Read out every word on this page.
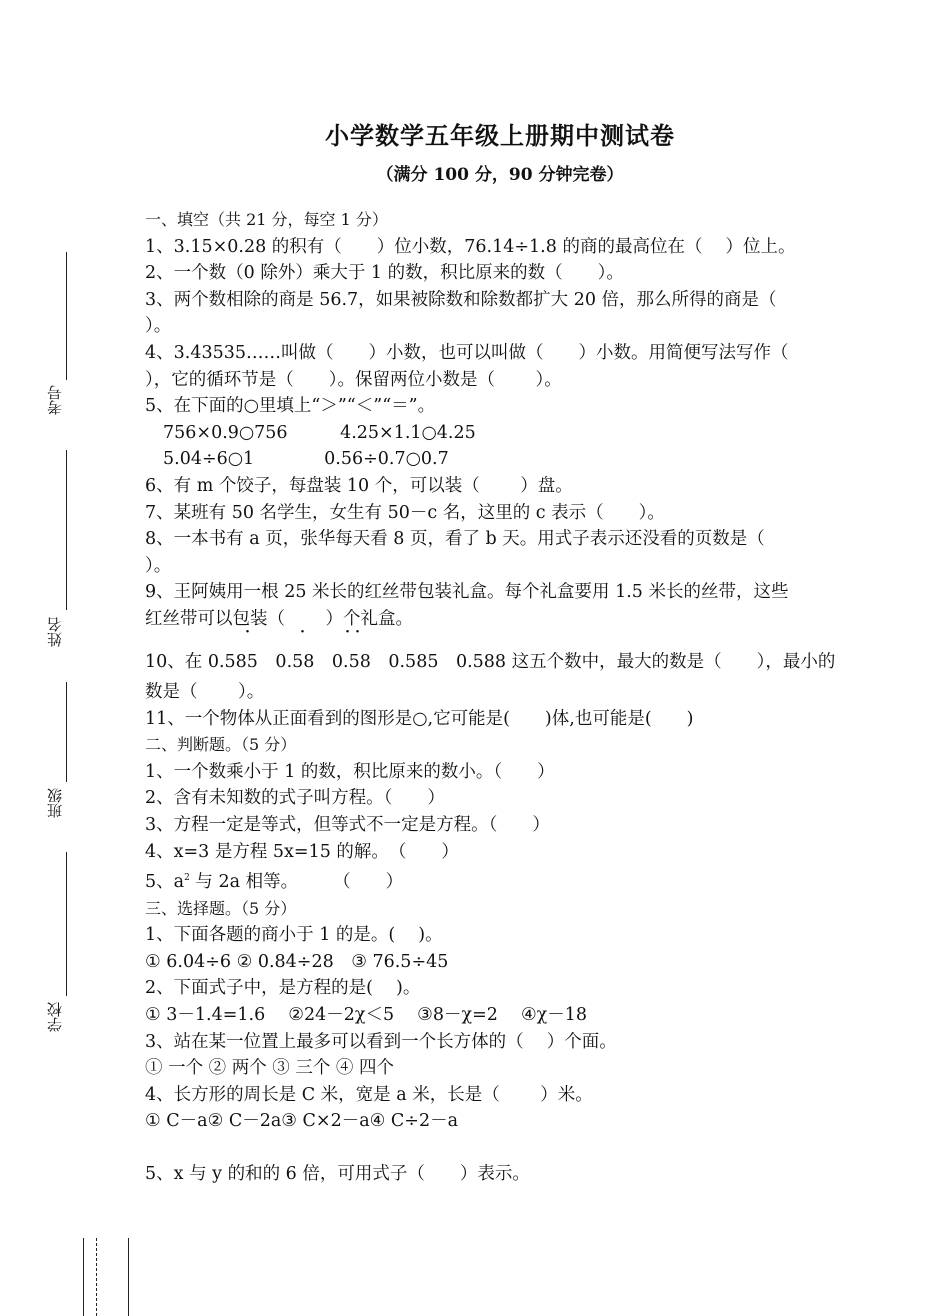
小学数学五年级上册期中测试卷
（满分 100 分，90 分钟完卷）
考号
姓名
班级
学校
一、填空（共 21 分，每空 1 分）
1、3.15×0.28 的积有（　　）位小数，76.14÷1.8 的商的最高位在（　 ）位上。
2、一个数（0 除外）乘大于 1 的数，积比原来的数（　　）。
3、两个数相除的商是 56.7，如果被除数和除数都扩大 20 倍，那么所得的商是（
）。
4、3.43535……叫做（　　）小数，也可以叫做（　　）小数。用简便写法写作（
），它的循环节是（　　）。保留两位小数是（　　 ）。
5、在下面的○里填上“＞”“＜”“＝”。
756×0.9○756　　　4.25×1.1○4.25
5.04÷6○1　　　　0.56÷0.7○0.7
6、有 m 个饺子，每盘装 10 个，可以装（　　 ）盘。
7、某班有 50 名学生，女生有 50－c 名，这里的 c 表示（　　）。
8、一本书有 a 页，张华每天看 8 页，看了 b 天。用式子表示还没看的页数是（
）。
9、王阿姨用一根 25 米长的红丝带包装礼盒。每个礼盒要用 1.5 米长的丝带，这些
红丝带可以包装（　　 ）个礼盒。
˙	˙ ˙ ˙
10、在 0.585　0.58　0.58　0.585　0.588 这五个数中，最大的数是（　　），最小的
数是（　　 ）。
11、一个物体从正面看到的图形是○,它可能是(　　)体,也可能是(　　)
二、判断题。（5 分）
1、一个数乘小于 1 的数，积比原来的数小。（　　）
2、含有未知数的式子叫方程。（　　）
3、方程一定是等式，但等式不一定是方程。（　　）
4、x=3 是方程 5x=15 的解。　（　　）
5、$a^2$ 与 2a 相等。　　　（　　）
三、选择题。（5 分）
1、下面各题的商小于 1 的是。(　 )。
① 6.04÷6 ② 0.84÷28　③ 76.5÷45
2、下面式子中，是方程的是(　 )。
① 3－1.4=1.6　 ②24－2χ＜5　 ③8－χ=2　 ④χ－18
3、站在某一位置上最多可以看到一个长方体的（　 ）个面。
① 一个 ② 两个 ③ 三个 ④ 四个
4、长方形的周长是 C 米，宽是 a 米，长是（　　 ）米。
① C－a② C－2a③ C×2－a④ C÷2－a
5、x 与 y 的和的 6 倍，可用式子（　　）表示。
